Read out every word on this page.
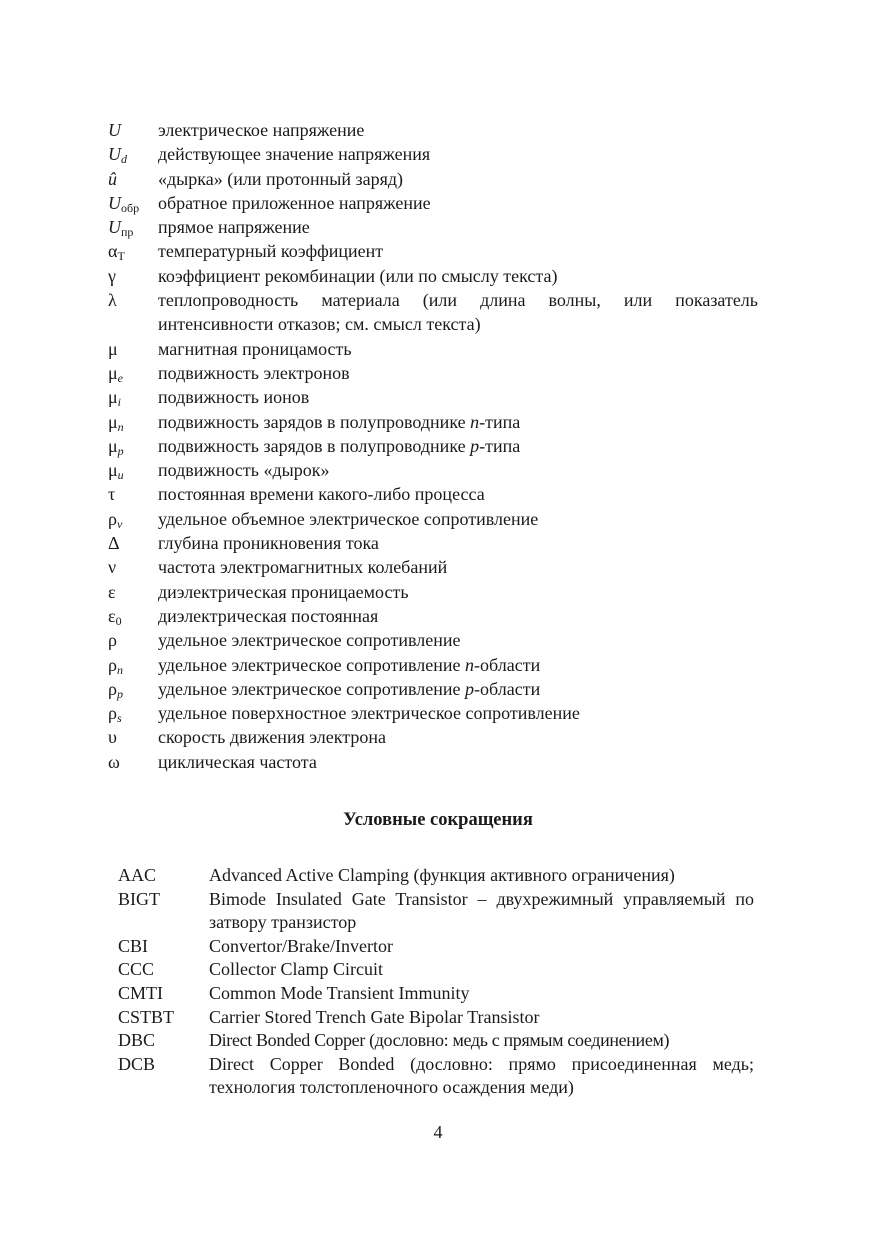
U	электрическое напряжение
$U_d$	действующее значение напряжения
û	«дырка» (или протонный заряд)
$U_{обр}$	обратное приложенное напряжение
$U_{пр}$	прямое напряжение
$\alpha_T$	температурный коэффициент
γ	коэффициент рекомбинации (или по смыслу текста)
λ	теплопроводность материала (или длина волны, или показатель интенсивности отказов; см. смысл текста)
μ	магнитная проницамость
$\mu_e$	подвижность электронов
$\mu_i$	подвижность ионов
$\mu_n$	подвижность зарядов в полупроводнике n-типа
$\mu_p$	подвижность зарядов в полупроводнике p-типа
$\mu_u$	подвижность «дырок»
τ	постоянная времени какого-либо процесса
$\rho_v$	удельное объемное электрическое сопротивление
Δ	глубина проникновения тока
ν	частота электромагнитных колебаний
ε	диэлектрическая проницаемость
$\varepsilon_0$	диэлектрическая постоянная
ρ	удельное электрическое сопротивление
$\rho_n$	удельное электрическое сопротивление n-области
$\rho_p$	удельное электрическое сопротивление p-области
$\rho_s$	удельное поверхностное электрическое сопротивление
υ	скорость движения электрона
ω	циклическая частота
Условные сокращения
AAC	Advanced Active Clamping (функция активного ограничения)
BIGT	Bimode Insulated Gate Transistor – двухрежимный управляемый по затвору транзистор
CBI	Convertor/Brake/Invertor
CCC	Collector Clamp Circuit
CMTI	Common Mode Transient Immunity
CSTBT	Carrier Stored Trench Gate Bipolar Transistor
DBC	Direct Bonded Copper (дословно: медь с прямым соединением)
DCB	Direct Copper Bonded (дословно: прямо присоединенная медь; технология толстопленочного осаждения меди)
4
